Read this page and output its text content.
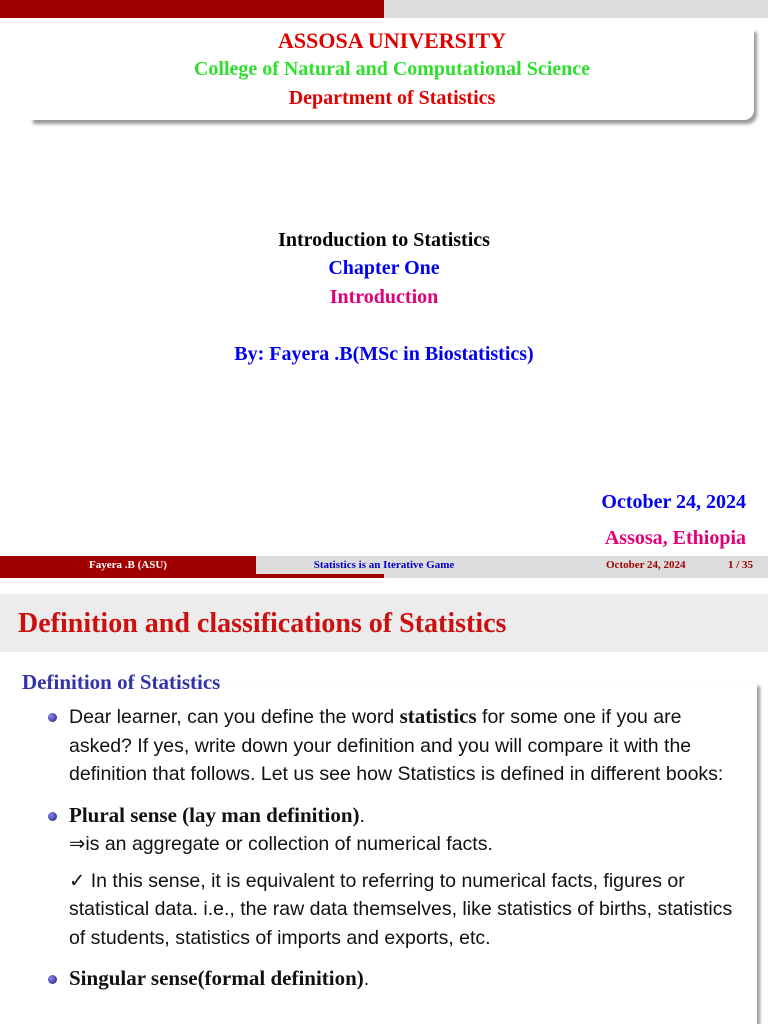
ASSOSA UNIVERSITY
College of Natural and Computational Science
Department of Statistics
Introduction to Statistics
Chapter One
Introduction
By: Fayera .B(MSc in Biostatistics)
October 24, 2024
Assosa, Ethiopia
Fayera .B (ASU)	Statistics is an Iterative Game	October 24, 2024	1 / 35
Definition and classifications of Statistics
Definition of Statistics
Dear learner, can you define the word statistics for some one if you are asked? If yes, write down your definition and you will compare it with the definition that follows. Let us see how Statistics is defined in different books:
Plural sense (lay man definition).
⇒is an aggregate or collection of numerical facts.
✓ In this sense, it is equivalent to referring to numerical facts, figures or statistical data. i.e., the raw data themselves, like statistics of births, statistics of students, statistics of imports and exports, etc.
Singular sense(formal definition).
